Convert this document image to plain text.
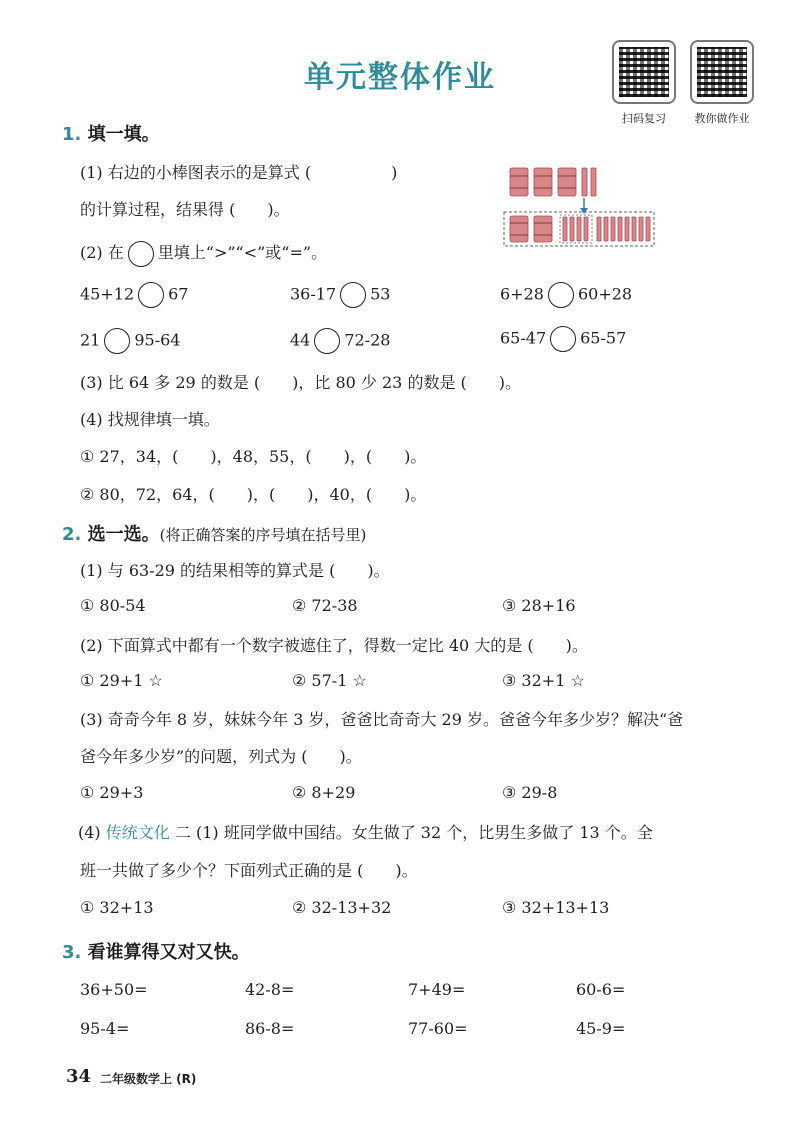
单元整体作业
扫码复习	教你做作业
1. 填一填。
(1) 右边的小棒图表示的是算式 (　　　　　)
的计算过程，结果得 (　　)。
(2) 在 里填上“>”“<”或“=”。
45+12 67	36-17 53	6+28 60+28
21 95-64	44 72-28	65-47 65-57
(3) 比 64 多 29 的数是 (　　)，比 80 少 23 的数是 (　　)。
(4) 找规律填一填。
① 27，34，(　　)，48，55，(　　)，(　　)。
② 80，72，64，(　　)，(　　)，40，(　　)。
2. 选一选。(将正确答案的序号填在括号里)
(1) 与 63-29 的结果相等的算式是 (　　)。
① 80-54	② 72-38	③ 28+16
(2) 下面算式中都有一个数字被遮住了，得数一定比 40 大的是 (　　)。
① 29+1 ☆	② 57-1 ☆	③ 32+1 ☆
(3) 奇奇今年 8 岁，妹妹今年 3 岁，爸爸比奇奇大 29 岁。爸爸今年多少岁？解决“爸
爸今年多少岁”的问题，列式为 (　　)。
① 29+3	② 8+29	③ 29-8
(4) 传统文化 二 (1) 班同学做中国结。女生做了 32 个，比男生多做了 13 个。全
班一共做了多少个？下面列式正确的是 (　　)。
① 32+13	② 32-13+32	③ 32+13+13
3. 看谁算得又对又快。
36+50=	42-8=	7+49=	60-6=
95-4=	86-8=	77-60=	45-9=
34 二年级数学上 (R)
